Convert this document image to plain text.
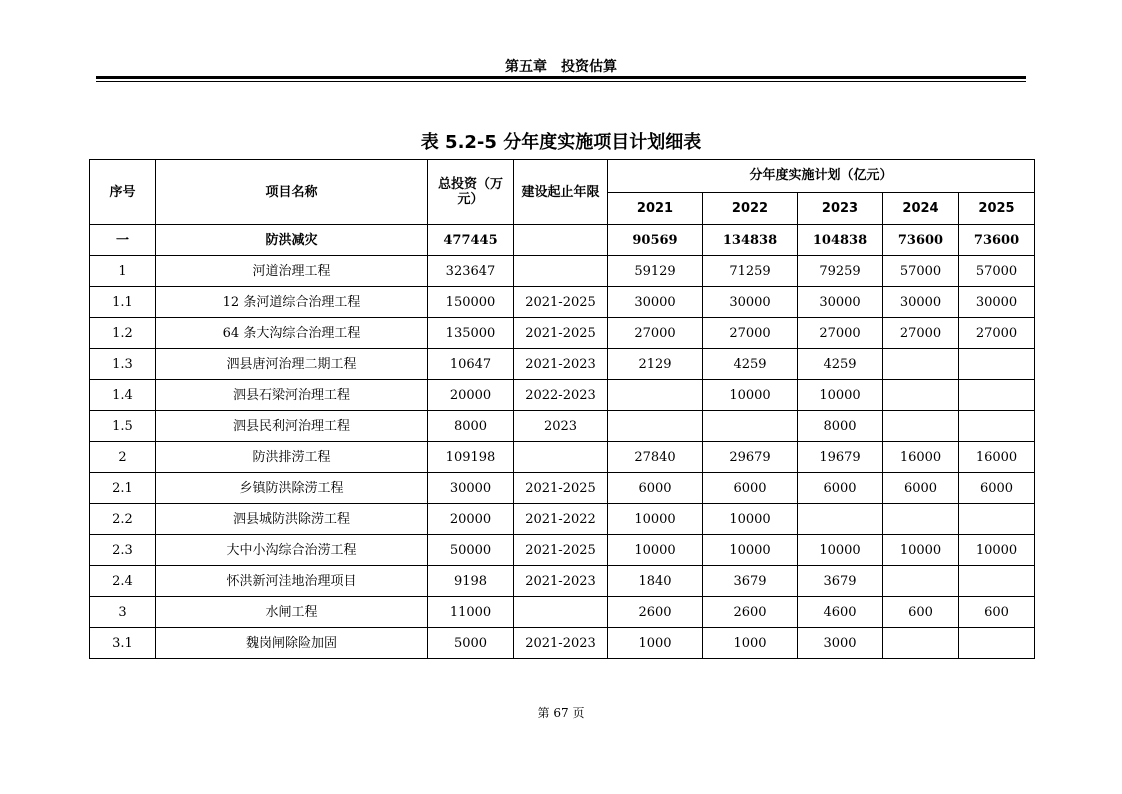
第五章　投资估算
表 5.2-5 分年度实施项目计划细表
序号	项目名称	总投资（万元）	建设起止年限	分年度实施计划（亿元）				
				2021	2022	2023	2024	2025
一	防洪减灾	477445		90569	134838	104838	73600	73600
1	河道治理工程	323647		59129	71259	79259	57000	57000
1.1	12 条河道综合治理工程	150000	2021-2025	30000	30000	30000	30000	30000
1.2	64 条大沟综合治理工程	135000	2021-2025	27000	27000	27000	27000	27000
1.3	泗县唐河治理二期工程	10647	2021-2023	2129	4259	4259		
1.4	泗县石梁河治理工程	20000	2022-2023		10000	10000		
1.5	泗县民利河治理工程	8000	2023			8000		
2	防洪排涝工程	109198		27840	29679	19679	16000	16000
2.1	乡镇防洪除涝工程	30000	2021-2025	6000	6000	6000	6000	6000
2.2	泗县城防洪除涝工程	20000	2021-2022	10000	10000			
2.3	大中小沟综合治涝工程	50000	2021-2025	10000	10000	10000	10000	10000
2.4	怀洪新河洼地治理项目	9198	2021-2023	1840	3679	3679		
3	水闸工程	11000		2600	2600	4600	600	600
3.1	魏岗闸除险加固	5000	2021-2023	1000	1000	3000		
第 67 页
